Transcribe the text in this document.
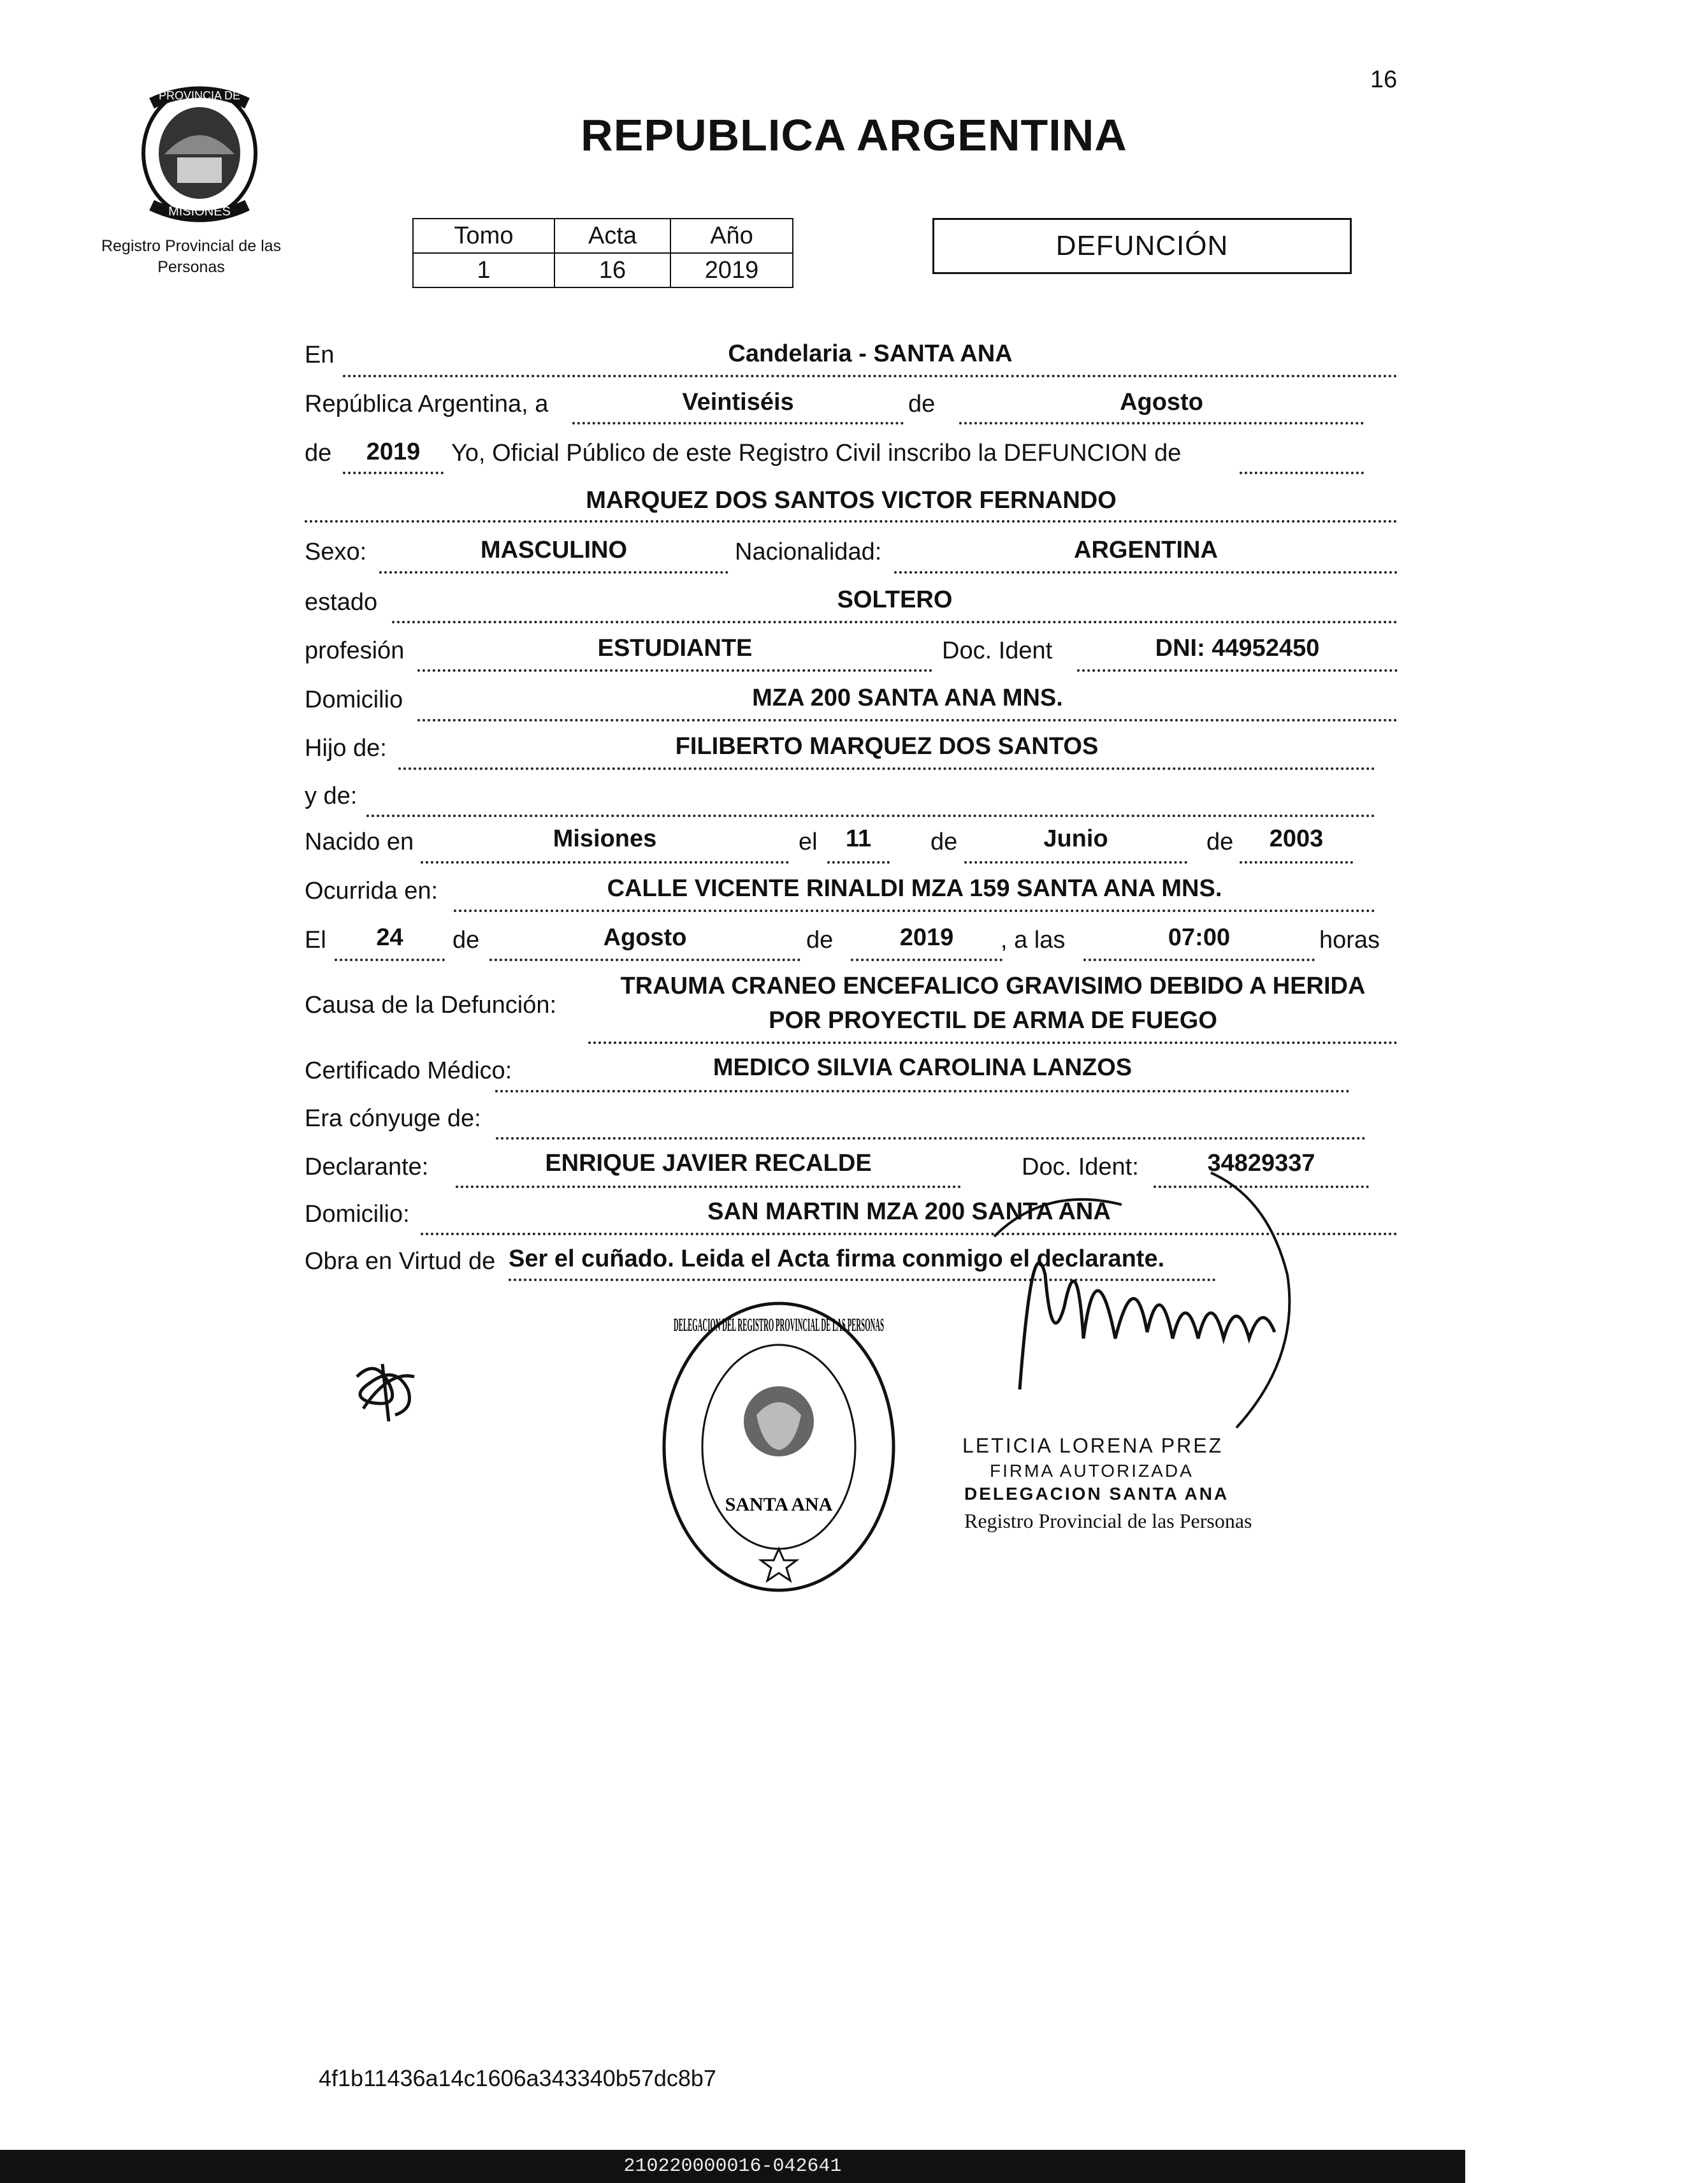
16
PROVINCIA DE
MISIONES
Registro Provincial de las Personas
REPUBLICA ARGENTINA
Tomo	Acta	Año
1	16	2019
DEFUNCIÓN
En	Candelaria - SANTA ANA
República Argentina, a	Veintiséis	de	Agosto
de	2019	Yo, Oficial Público de este Registro Civil inscribo la DEFUNCION de
MARQUEZ DOS SANTOS VICTOR FERNANDO
Sexo:	MASCULINO	Nacionalidad:	ARGENTINA
estado	SOLTERO
profesión	ESTUDIANTE	Doc. Ident	DNI: 44952450
Domicilio	MZA 200 SANTA ANA MNS.
Hijo de:	FILIBERTO MARQUEZ DOS SANTOS
y de:
Nacido en	Misiones	el	11	de	Junio	de	2003
Ocurrida en:	CALLE VICENTE RINALDI MZA 159 SANTA ANA MNS.
El	24	de	Agosto	de	2019	, a las	07:00	horas
Causa de la Defunción:
TRAUMA CRANEO ENCEFALICO GRAVISIMO DEBIDO A HERIDA
POR PROYECTIL DE ARMA DE FUEGO
Certificado Médico:	MEDICO SILVIA CAROLINA LANZOS
Era cónyuge de:
Declarante:	ENRIQUE JAVIER RECALDE	Doc. Ident:	34829337
Domicilio:	SAN MARTIN MZA 200 SANTA ANA
Obra en Virtud de Ser el cuñado. Leida el Acta firma conmigo el declarante.
DELEGACION DEL REGISTRO PROVINCIAL DE LAS PERSONAS
SANTA ANA
LETICIA LORENA PREZ
FIRMA AUTORIZADA
DELEGACION SANTA ANA
Registro Provincial de las Personas
4f1b11436a14c1606a343340b57dc8b7
210220000016-042641
